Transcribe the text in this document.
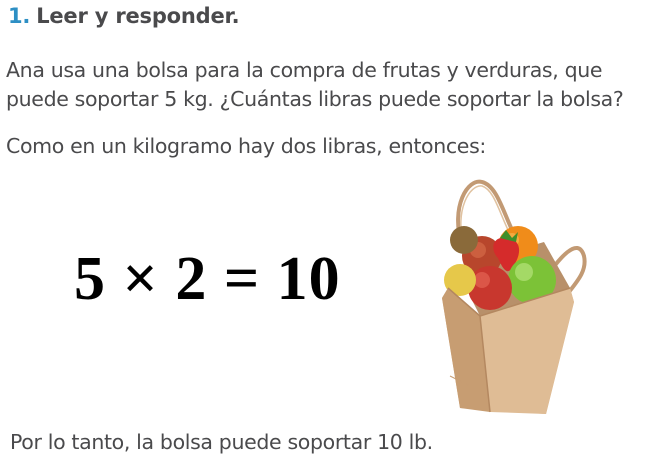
1. Leer y responder.
Ana usa una bolsa para la compra de frutas y verduras, que
puede soportar 5 kg. ¿Cuántas libras puede soportar la bolsa?
Como en un kilogramo hay dos libras, entonces:
5 × 2 = 10
Por lo tanto, la bolsa puede soportar 10 lb.
